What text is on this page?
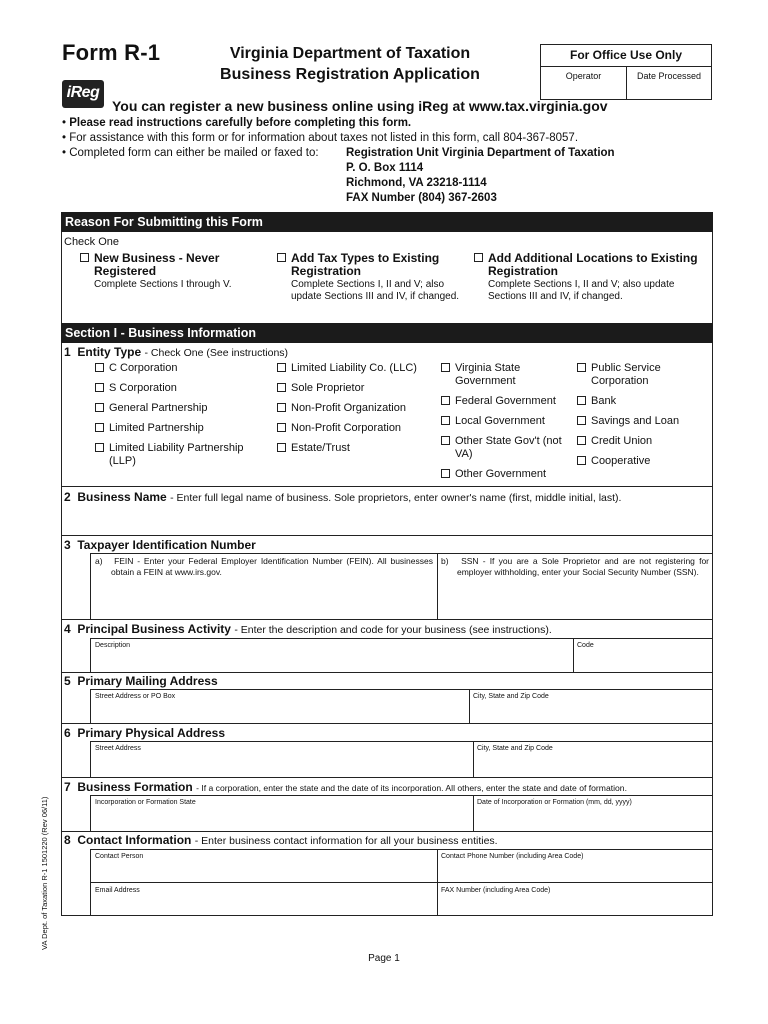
Form R-1	Virginia Department of Taxation
Business Registration Application
For Office Use Only
Operator	Date Processed
iReg
You can register a new business online using iReg at www.tax.virginia.gov
• Please read instructions carefully before completing this form.
• For assistance with this form or for information about taxes not listed in this form, call 804-367-8057.
• Completed form can either be mailed or faxed to: Registration Unit Virginia Department of Taxation
P. O. Box 1114
Richmond, VA 23218-1114
FAX Number (804) 367-2603
Reason For Submitting this Form
Check One
New Business - Never Registered
Complete Sections I through V.
Add Tax Types to Existing Registration
Complete Sections I, II and V; also update Sections III and IV, if changed.
Add Additional Locations to Existing Registration
Complete Sections I, II and V; also update Sections III and IV, if changed.
Section I - Business Information
1 Entity Type - Check One (See instructions)
C Corporation
S Corporation
General Partnership
Limited Partnership
Limited Liability Partnership (LLP)
Limited Liability Co. (LLC)
Sole Proprietor
Non-Profit Organization
Non-Profit Corporation
Estate/Trust
Virginia State Government
Federal Government
Local Government
Other State Gov't (not VA)
Other Government
Public Service Corporation
Bank
Savings and Loan
Credit Union
Cooperative
2 Business Name - Enter full legal name of business. Sole proprietors, enter owner's name (first, middle initial, last).
3 Taxpayer Identification Number
a) FEIN - Enter your Federal Employer Identification Number (FEIN). All businesses obtain a FEIN at www.irs.gov.
b) SSN - If you are a Sole Proprietor and are not registering for employer withholding, enter your Social Security Number (SSN).
4 Principal Business Activity - Enter the description and code for your business (see instructions).
Description	Code
5 Primary Mailing Address
Street Address or PO Box	City, State and Zip Code
6 Primary Physical Address
Street Address	City, State and Zip Code
7 Business Formation - If a corporation, enter the state and the date of its incorporation. All others, enter the state and date of formation.
Incorporation or Formation State	Date of Incorporation or Formation (mm, dd, yyyy)
8 Contact Information - Enter business contact information for all your business entities.
Contact Person	Contact Phone Number (including Area Code)
Email Address	FAX Number (including Area Code)
VA Dept. of Taxation R-1 1501220 (Rev 06/11)
Page 1
